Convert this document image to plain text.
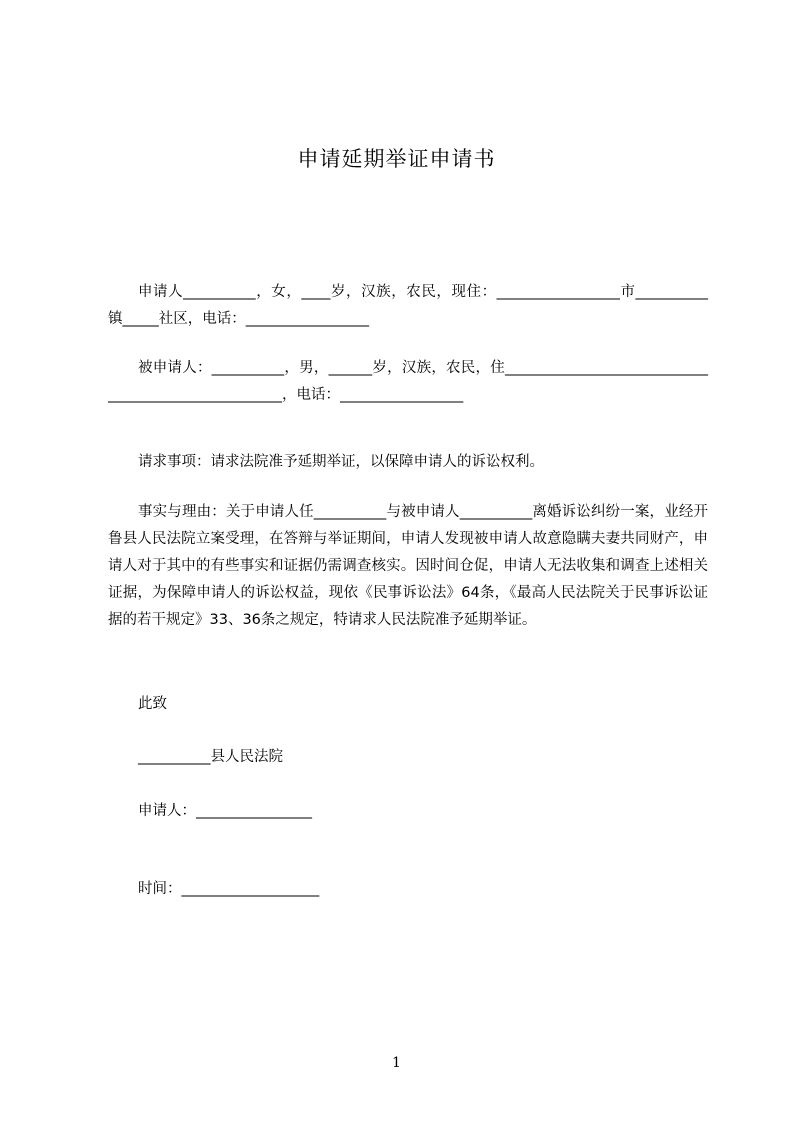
申请延期举证申请书

申请人__________，女，____岁，汉族，农民，现住：_________________市__________镇_____社区，电话：_________________

被申请人：__________，男，______岁，汉族，农民，住____________________________________________________，电话：_________________

请求事项：请求法院准予延期举证，以保障申请人的诉讼权利。

事实与理由：关于申请人任__________与被申请人__________离婚诉讼纠纷一案，业经开鲁县人民法院立案受理，在答辩与举证期间，申请人发现被申请人故意隐瞒夫妻共同财产，申请人对于其中的有些事实和证据仍需调查核实。因时间仓促，申请人无法收集和调查上述相关证据，为保障申请人的诉讼权益，现依《民事诉讼法》64条，《最高人民法院关于民事诉讼证据的若干规定》33、36条之规定，特请求人民法院准予延期举证。

此致
__________县人民法院
申请人：________________
时间：___________________
1
